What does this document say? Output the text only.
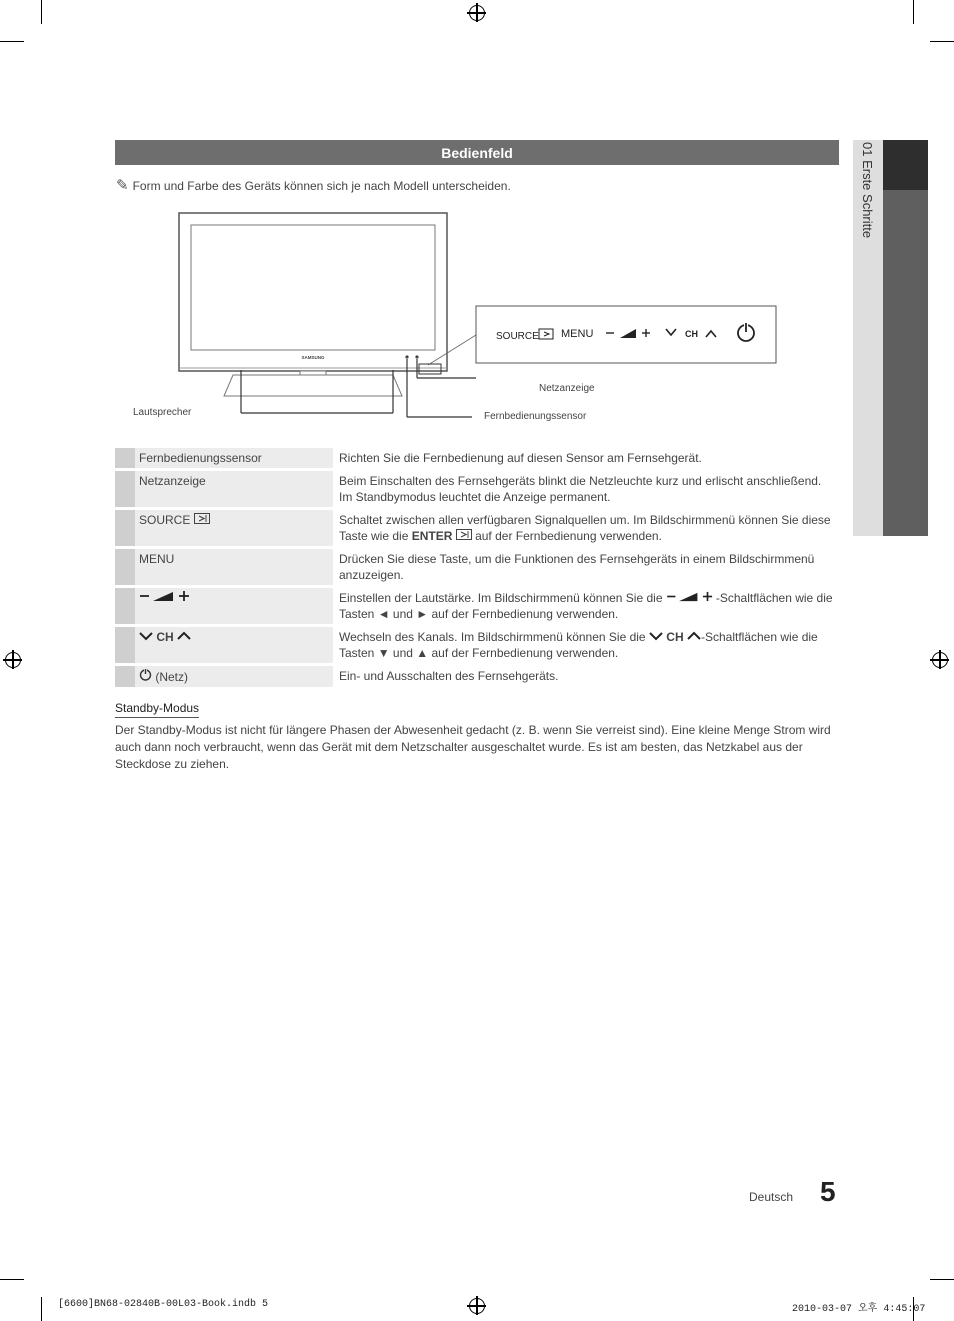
01 Erste Schritte
Bedienfeld
✎ Form und Farbe des Geräts können sich je nach Modell unterscheiden.
SAMSUNG
SOURCE MENU	CH
Lautsprecher
Netzanzeige
Fernbedienungssensor
	Fernbedienungssensor	Richten Sie die Fernbedienung auf diesen Sensor am Fernsehgerät.
	Netzanzeige	Beim Einschalten des Fernsehgeräts blinkt die Netzleuchte kurz und erlischt anschließend. Im Standbymodus leuchtet die Anzeige permanent.
	SOURCE	Schaltet zwischen allen verfügbaren Signalquellen um. Im Bildschirmmenü können Sie diese Taste wie die ENTER auf der Fernbedienung verwenden.
	MENU	Drücken Sie diese Taste, um die Funktionen des Fernsehgeräts in einem Bildschirmmenü anzuzeigen.
		Einstellen der Lautstärke. Im Bildschirmmenü können Sie die -Schaltflächen wie die Tasten ◄ und ► auf der Fernbedienung verwenden.
	CH	Wechseln des Kanals. Im Bildschirmmenü können Sie die CH -Schaltflächen wie die Tasten ▼ und ▲ auf der Fernbedienung verwenden.
	(Netz)	Ein- und Ausschalten des Fernsehgeräts.
Standby-Modus
Der Standby-Modus ist nicht für längere Phasen der Abwesenheit gedacht (z. B. wenn Sie verreist sind). Eine kleine Menge Strom wird auch dann noch verbraucht, wenn das Gerät mit dem Netzschalter ausgeschaltet wurde. Es ist am besten, das Netzkabel aus der Steckdose zu ziehen.
Deutsch 5
[6600]BN68-02840B-00L03-Book.indb 5	2010-03-07 오후 4:45:07
